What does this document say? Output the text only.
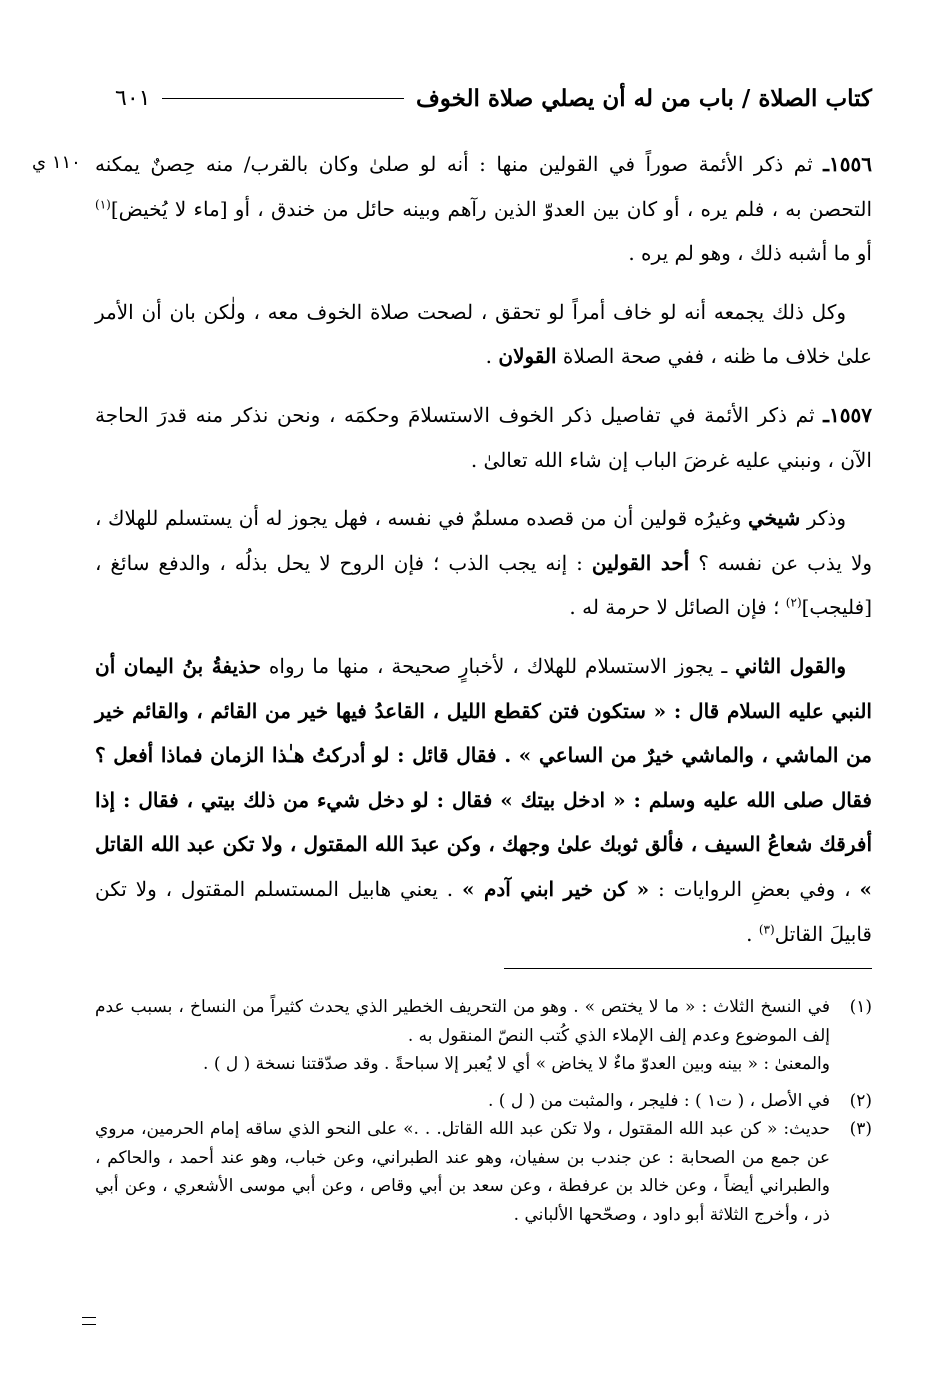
كتاب الصلاة / باب من له أن يصلي صلاة الخوف
٦٠١
١١٠ ي	١٥٥٦ـ ثم ذكر الأئمة صوراً في القولين منها : أنه لو صلىٰ وكان بالقرب/ منه حِصنٌ يمكنه التحصن به ، فلم يره ، أو كان بين العدوّ الذين رآهم وبينه حائل من خندق ، أو [ماء لا يُخيض]$^{(١)}$ أو ما أشبه ذلك ، وهو لم يره .

وكل ذلك يجمعه أنه لو خاف أمراً لو تحقق ، لصحت صلاة الخوف معه ، ولٰكن بان أن الأمر علىٰ خلاف ما ظنه ، ففي صحة الصلاة القولان .

١٥٥٧ـ ثم ذكر الأئمة في تفاصيل ذكر الخوف الاستسلامَ وحكمَه ، ونحن نذكر منه قدرَ الحاجة الآن ، ونبني عليه غرضَ الباب إن شاء الله تعالىٰ .

وذكر شيخي وغيرُه قولين أن من قصده مسلمٌ في نفسه ، فهل يجوز له أن يستسلم للهلاك ، ولا يذب عن نفسه ؟ أحد القولين : إنه يجب الذب ؛ فإن الروح لا يحل بذلُه ، والدفع سائغ ، [فليجب]$^{(٢)}$ ؛ فإن الصائل لا حرمة له .

والقول الثاني ـ يجوز الاستسلام للهلاك ، لأخبارٍ صحيحة ، منها ما رواه حذيفةُ بنُ اليمان أن النبي عليه السلام قال : « ستكون فتن كقطع الليل ، القاعدُ فيها خير من القائم ، والقائم خير من الماشي ، والماشي خيرٌ من الساعي » . فقال قائل : لو أدركتُ هـٰذا الزمان فماذا أفعل ؟ فقال صلى الله عليه وسلم : « ادخل بيتك » فقال : لو دخل شيء من ذلك بيتي ، فقال : إذا أفرقك شعاعُ السيف ، فألق ثوبك علىٰ وجهك ، وكن عبدَ الله المقتول ، ولا تكن عبد الله القاتل » ، وفي بعضِ الروايات : « كن خير ابني آدم » . يعني هابيل المستسلم المقتول ، ولا تكن قابيلَ القاتل$^{(٣)}$ .

(١)
في النسخ الثلاث : « ما لا يختص » . وهو من التحريف الخطير الذي يحدث كثيراً من النساخ ، بسبب عدم إلف الموضوع وعدم إلف الإملاء الذي كُتب النصّ المنقول به .
والمعنىٰ : « بينه وبين العدوّ ماءٌ لا يخاض » أي لا يُعبر إلا سباحةً . وقد صدّقتنا نسخة ( ل ) .
(٢)
في الأصل ، ( ت١ ) : فليجر ، والمثبت من ( ل ) .
(٣)
حديث: « كن عبد الله المقتول ، ولا تكن عبد الله القاتل. . .» على النحو الذي ساقه إمام الحرمين، مروي عن جمع من الصحابة : عن جندب بن سفيان، وهو عند الطبراني، وعن خباب، وهو عند أحمد ، والحاكم ، والطبراني أيضاً ، وعن خالد بن عرفطة ، وعن سعد بن أبي وقاص ، وعن أبي موسى الأشعري ، وعن أبي ذر ، وأخرج الثلاثة أبو داود ، وصحّحها الألباني .
